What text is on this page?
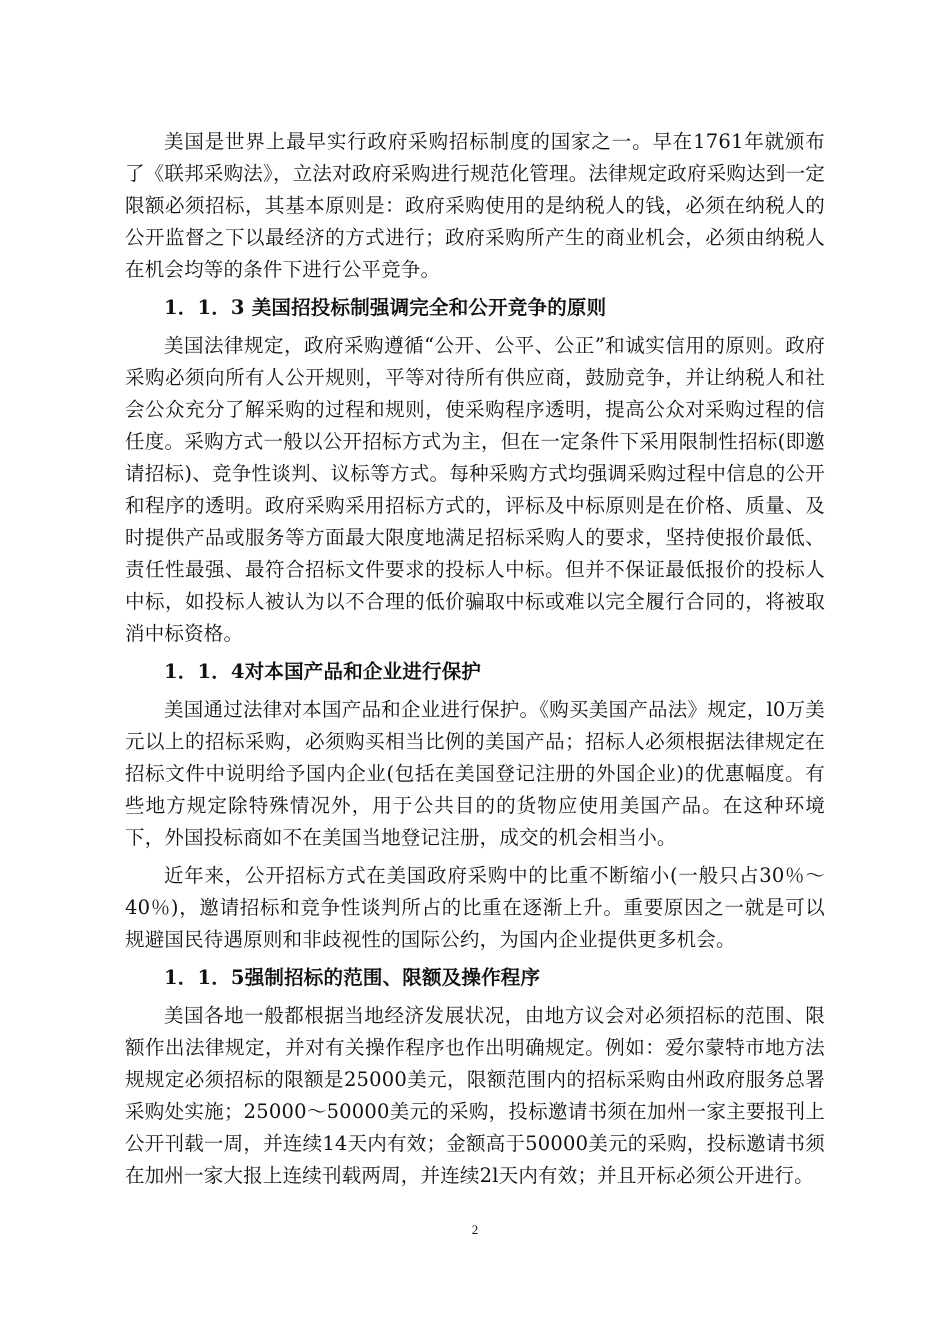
美国是世界上最早实行政府采购招标制度的国家之一。早在1761年就颁布了《联邦采购法》，立法对政府采购进行规范化管理。法律规定政府采购达到一定限额必须招标，其基本原则是：政府采购使用的是纳税人的钱，必须在纳税人的公开监督之下以最经济的方式进行；政府采购所产生的商业机会，必须由纳税人在机会均等的条件下进行公平竞争。

1．1．3 美国招投标制强调完全和公开竞争的原则

美国法律规定，政府采购遵循“公开、公平、公正”和诚实信用的原则。政府采购必须向所有人公开规则，平等对待所有供应商，鼓励竞争，并让纳税人和社会公众充分了解采购的过程和规则，使采购程序透明，提高公众对采购过程的信任度。采购方式一般以公开招标方式为主，但在一定条件下采用限制性招标(即邀请招标)、竞争性谈判、议标等方式。每种采购方式均强调采购过程中信息的公开和程序的透明。政府采购采用招标方式的，评标及中标原则是在价格、质量、及时提供产品或服务等方面最大限度地满足招标采购人的要求，坚持使报价最低、责任性最强、最符合招标文件要求的投标人中标。但并不保证最低报价的投标人中标，如投标人被认为以不合理的低价骗取中标或难以完全履行合同的，将被取消中标资格。

1．1．4对本国产品和企业进行保护

美国通过法律对本国产品和企业进行保护。《购买美国产品法》规定，l0万美元以上的招标采购，必须购买相当比例的美国产品；招标人必须根据法律规定在招标文件中说明给予国内企业(包括在美国登记注册的外国企业)的优惠幅度。有些地方规定除特殊情况外，用于公共目的的货物应使用美国产品。在这种环境下，外国投标商如不在美国当地登记注册，成交的机会相当小。

近年来，公开招标方式在美国政府采购中的比重不断缩小(一般只占30％～40％)，邀请招标和竞争性谈判所占的比重在逐渐上升。重要原因之一就是可以规避国民待遇原则和非歧视性的国际公约，为国内企业提供更多机会。

1．1．5强制招标的范围、限额及操作程序

美国各地一般都根据当地经济发展状况，由地方议会对必须招标的范围、限额作出法律规定，并对有关操作程序也作出明确规定。例如：爱尔蒙特市地方法规规定必须招标的限额是25000美元，限额范围内的招标采购由州政府服务总署采购处实施；25000～50000美元的采购，投标邀请书须在加州一家主要报刊上公开刊载一周，并连续14天内有效；金额高于50000美元的采购，投标邀请书须在加州一家大报上连续刊载两周，并连续2l天内有效；并且开标必须公开进行。

2
